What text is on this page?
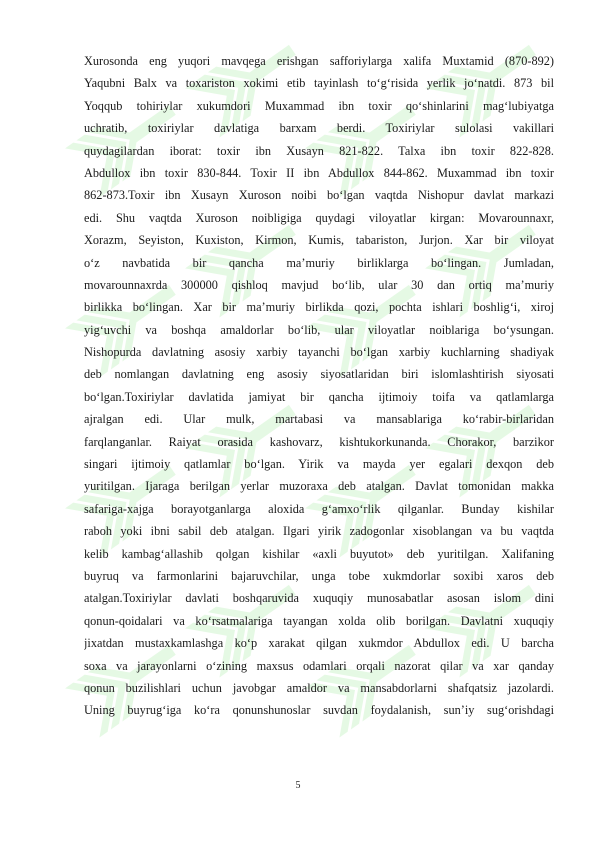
Xurosonda eng yuqori mavqega erishgan safforiylarga xalifa Muxtamid (870-892)
Yaqubni Balx va toxariston xokimi etib tayinlash to‘g‘risida yerlik jo‘natdi. 873 bil
Yoqqub tohiriylar xukumdori Muxammad ibn toxir qo‘shinlarini mag‘lubiyatga
uchratib, toxiriylar davlatiga barxam berdi. Toxiriylar sulolasi vakillari
quydagilardan iborat: toxir ibn Xusayn 821-822. Talxa ibn toxir 822-828.
Abdullox ibn toxir 830-844. Toxir II ibn Abdullox 844-862. Muxammad ibn toxir
862-873.Toxir ibn Xusayn Xuroson noibi bo‘lgan vaqtda Nishopur davlat markazi
edi. Shu vaqtda Xuroson noibligiga quydagi viloyatlar kirgan: Movarounnaxr,
Xorazm, Seyiston, Kuxiston, Kirmon, Kumis, tabariston, Jurjon. Xar bir viloyat
o‘z navbatida bir qancha ma’muriy birliklarga bo‘lingan. Jumladan,
movarounnaxrda 300000 qishloq mavjud bo‘lib, ular 30 dan ortiq ma’muriy
birlikka bo‘lingan. Xar bir ma’muriy birlikda qozi, pochta ishlari boshlig‘i, xiroj
yig‘uvchi va boshqa amaldorlar bo‘lib, ular viloyatlar noiblariga bo‘ysungan.
Nishopurda davlatning asosiy xarbiy tayanchi bo‘lgan xarbiy kuchlarning shadiyak
deb nomlangan davlatning eng asosiy siyosatlaridan biri islomlashtirish siyosati
bo‘lgan.Toxiriylar davlatida jamiyat bir qancha ijtimoiy toifa va qatlamlarga
ajralgan edi. Ular mulk, martabasi va mansablariga ko‘rabir-birlaridan
farqlanganlar. Raiyat orasida kashovarz, kishtukorkunanda. Chorakor, barzikor
singari ijtimoiy qatlamlar bo‘lgan. Yirik va mayda yer egalari dexqon deb
yuritilgan. Ijaraga berilgan yerlar muzoraxa deb atalgan. Davlat tomonidan makka
safariga-xajga borayotganlarga aloxida g‘amxo‘rlik qilganlar. Bunday kishilar
raboh yoki ibni sabil deb atalgan. Ilgari yirik zadogonlar xisoblangan va bu vaqtda
kelib kambag‘allashib qolgan kishilar «axli buyutot» deb yuritilgan. Xalifaning
buyruq va farmonlarini bajaruvchilar, unga tobe xukmdorlar soxibi xaros deb
atalgan.Toxiriylar davlati boshqaruvida xuquqiy munosabatlar asosan islom dini
qonun-qoidalari va ko‘rsatmalariga tayangan xolda olib borilgan. Davlatni xuquqiy
jixatdan mustaxkamlashga ko‘p xarakat qilgan xukmdor Abdullox edi. U barcha
soxa va jarayonlarni o‘zining maxsus odamlari orqali nazorat qilar va xar qanday
qonun buzilishlari uchun javobgar amaldor va mansabdorlarni shafqatsiz jazolardi.
Uning buyrug‘iga ko‘ra qonunshunoslar suvdan foydalanish, sun’iy sug‘orishdagi
5
